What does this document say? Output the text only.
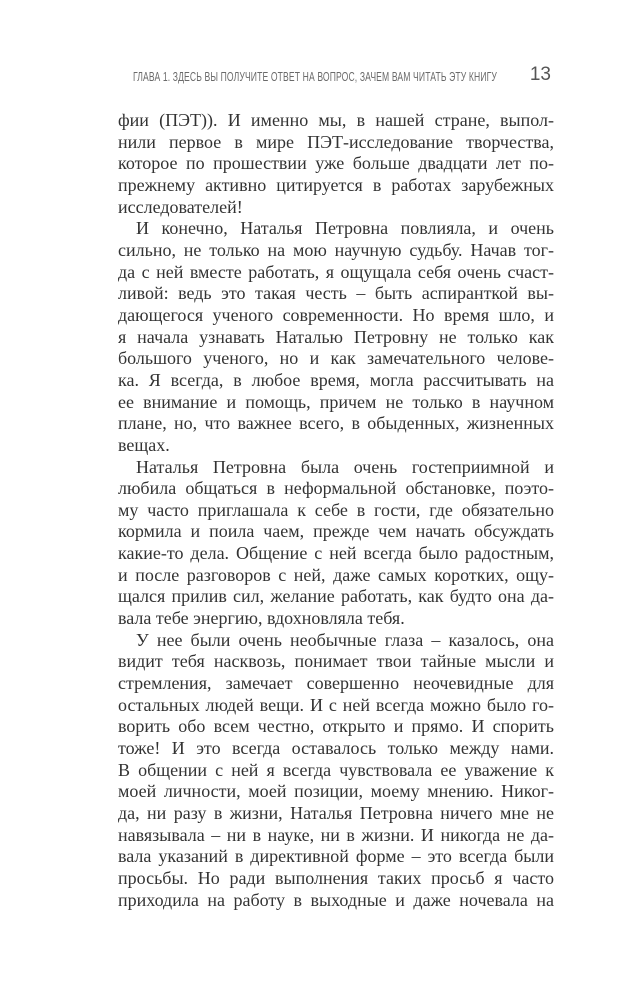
ГЛАВА 1. ЗДЕСЬ ВЫ ПОЛУЧИТЕ ОТВЕТ НА ВОПРОС, ЗАЧЕМ ВАМ ЧИТАТЬ ЭТУ КНИГУ 13
фии (ПЭТ)). И именно мы, в нашей стране, выпол-
нили первое в мире ПЭТ-исследование творчества,
которое по прошествии уже больше двадцати лет по-
прежнему активно цитируется в работах зарубежных
исследователей!
И конечно, Наталья Петровна повлияла, и очень
сильно, не только на мою научную судьбу. Начав тог-
да с ней вместе работать, я ощущала себя очень счаст-
ливой: ведь это такая честь – быть аспиранткой вы-
дающегося ученого современности. Но время шло, и
я начала узнавать Наталью Петровну не только как
большого ученого, но и как замечательного челове-
ка. Я всегда, в любое время, могла рассчитывать на
ее внимание и помощь, причем не только в научном
плане, но, что важнее всего, в обыденных, жизненных
вещах.
Наталья Петровна была очень гостеприимной и
любила общаться в неформальной обстановке, поэто-
му часто приглашала к себе в гости, где обязательно
кормила и поила чаем, прежде чем начать обсуждать
какие-то дела. Общение с ней всегда было радостным,
и после разговоров с ней, даже самых коротких, ощу-
щался прилив сил, желание работать, как будто она да-
вала тебе энергию, вдохновляла тебя.
У нее были очень необычные глаза – казалось, она
видит тебя насквозь, понимает твои тайные мысли и
стремления, замечает совершенно неочевидные для
остальных людей вещи. И с ней всегда можно было го-
ворить обо всем честно, открыто и прямо. И спорить
тоже! И это всегда оставалось только между нами.
В общении с ней я всегда чувствовала ее уважение к
моей личности, моей позиции, моему мнению. Никог-
да, ни разу в жизни, Наталья Петровна ничего мне не
навязывала – ни в науке, ни в жизни. И никогда не да-
вала указаний в директивной форме – это всегда были
просьбы. Но ради выполнения таких просьб я часто
приходила на работу в выходные и даже ночевала на
